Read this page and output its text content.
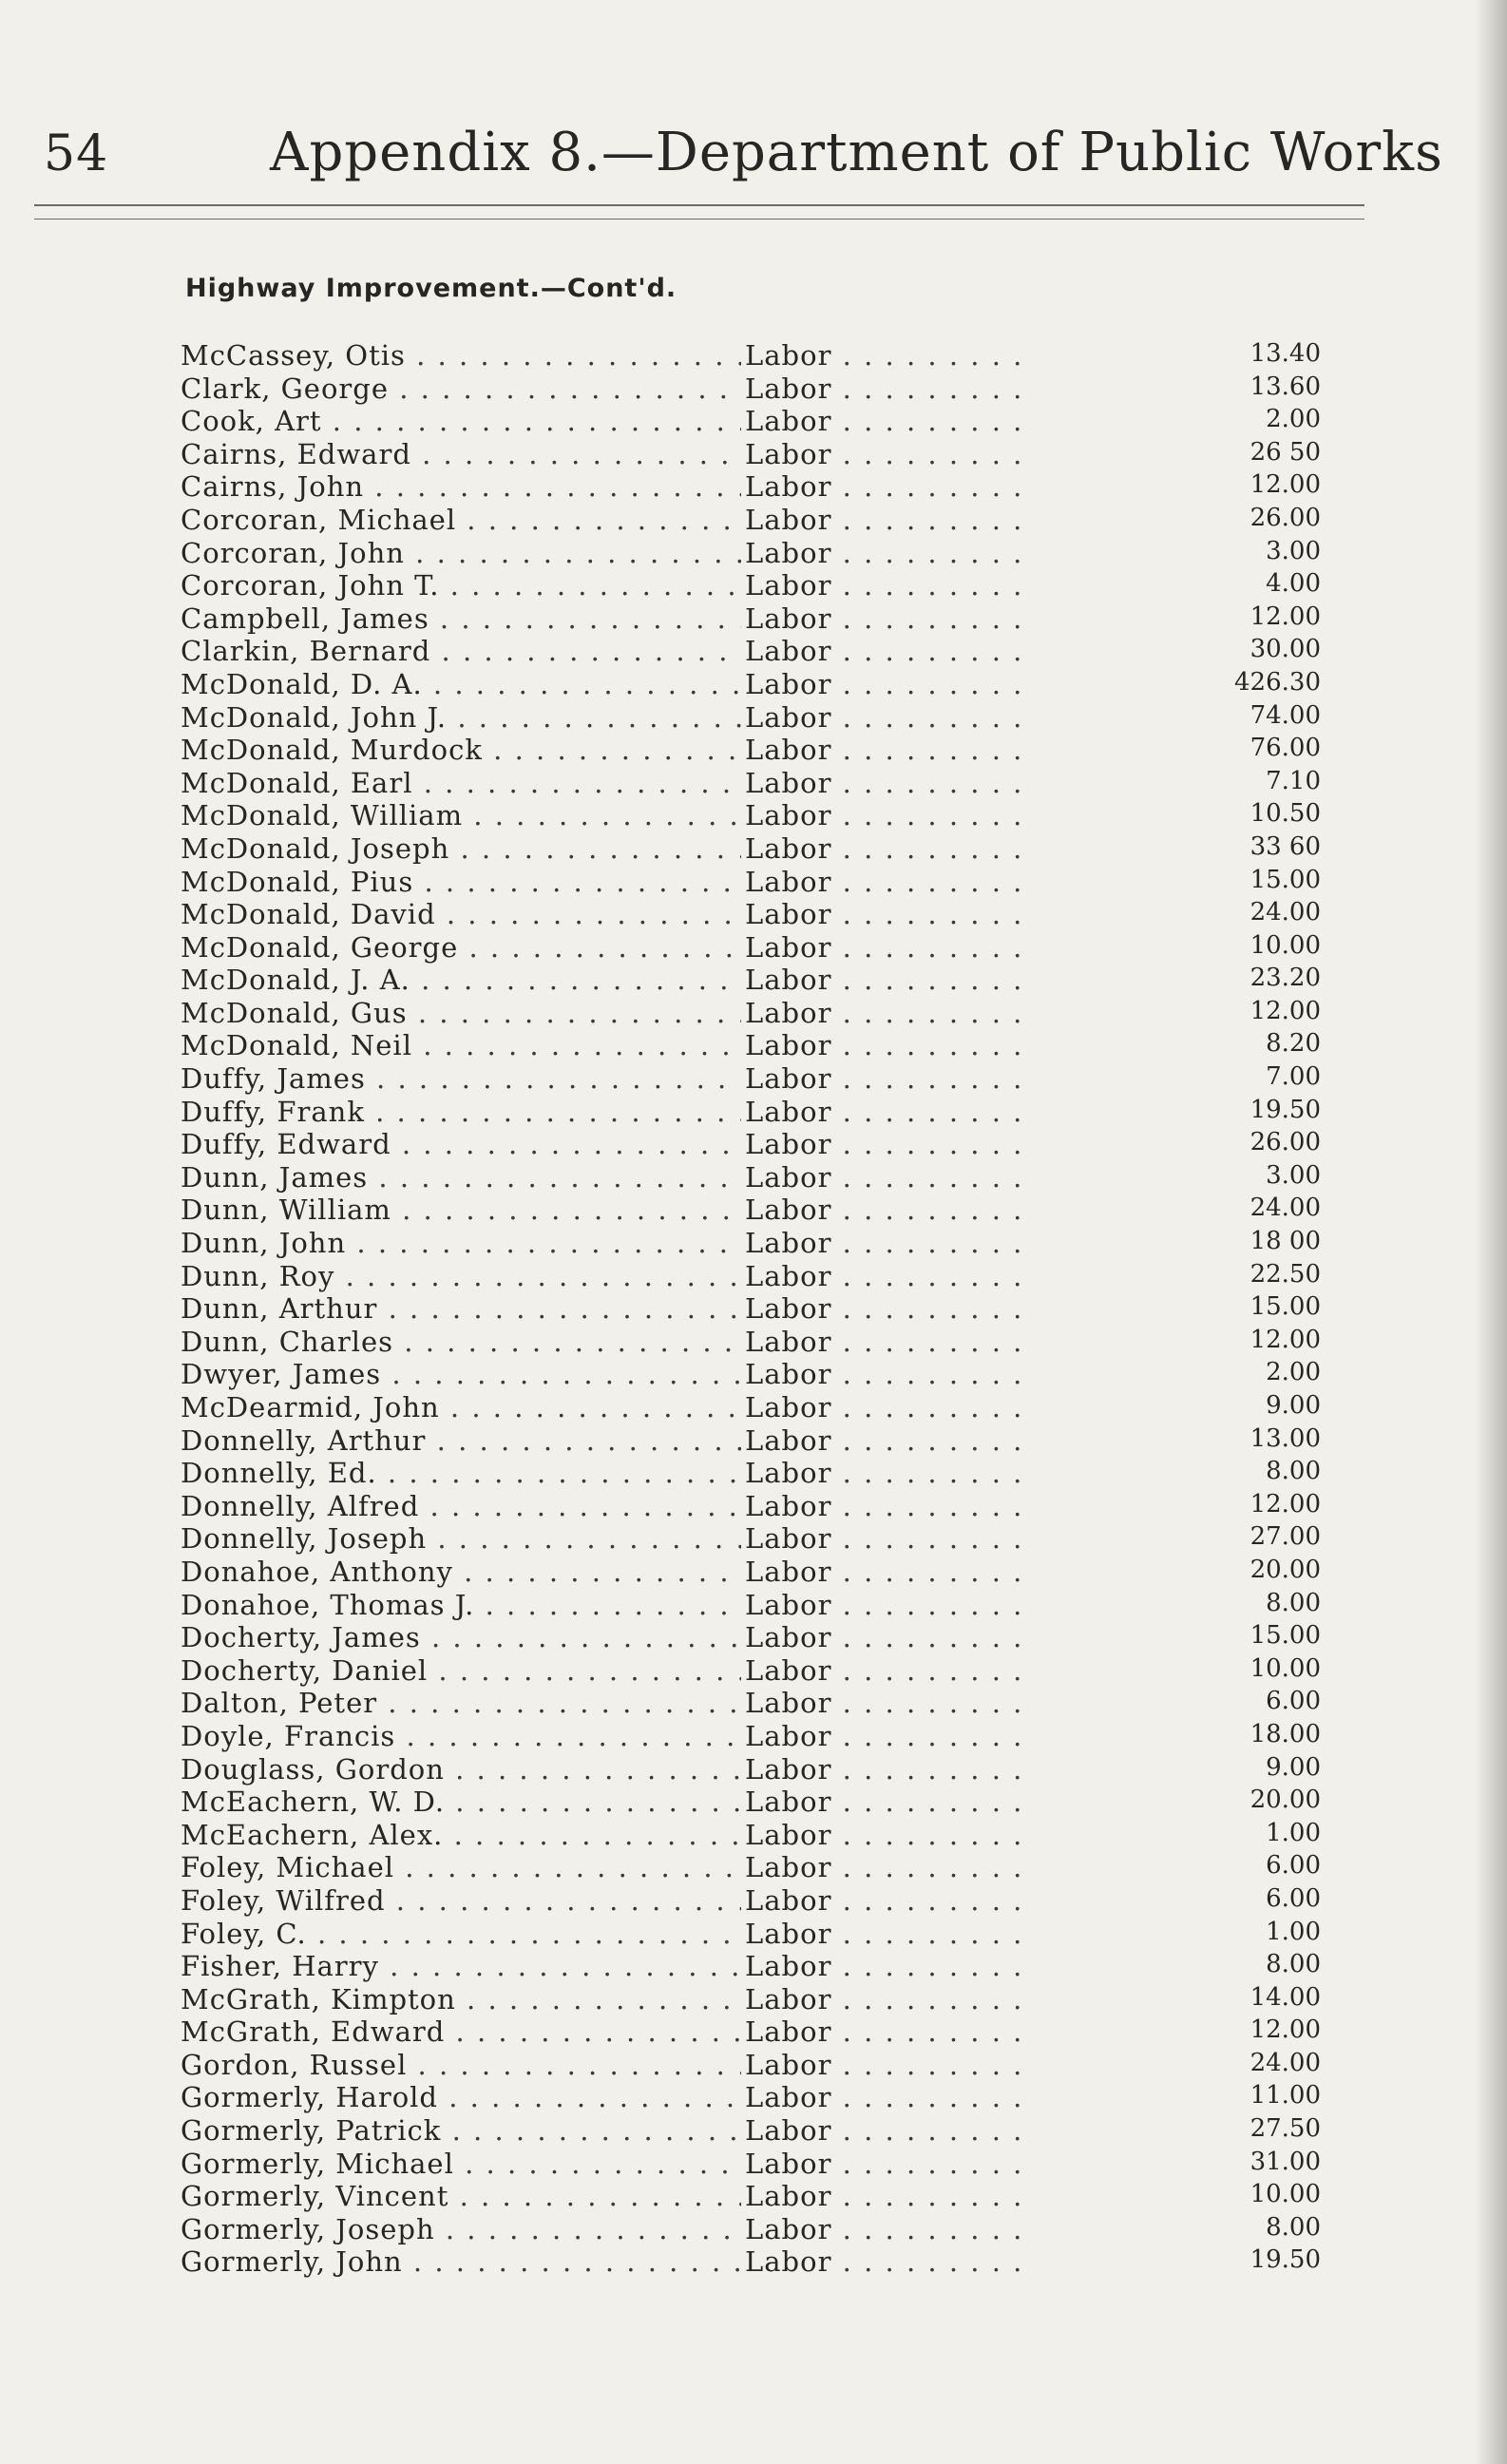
54	Appendix 8.—Department of Public Works
Highway Improvement.—Cont'd.
McCassey, Otis . . .	Labor . . .	13.40
Clark, George . . .	Labor . . .	13.60
Cook, Art . . .	Labor . . .	2.00
Cairns, Edward . . .	Labor . . .	26 50
Cairns, John . . .	Labor . . .	12.00
Corcoran, Michael . . .	Labor . . .	26.00
Corcoran, John . . .	Labor . . .	3.00
Corcoran, John T. . . .	Labor . . .	4.00
Campbell, James . . .	Labor . . .	12.00
Clarkin, Bernard . . .	Labor . . .	30.00
McDonald, D. A. . . .	Labor . . .	426.30
McDonald, John J. . . .	Labor . . .	74.00
McDonald, Murdock . . .	Labor . . .	76.00
McDonald, Earl . . .	Labor . . .	7.10
McDonald, William . . .	Labor . . .	10.50
McDonald, Joseph . . .	Labor . . .	33 60
McDonald, Pius . . .	Labor . . .	15.00
McDonald, David . . .	Labor . . .	24.00
McDonald, George . . .	Labor . . .	10.00
McDonald, J. A. . . .	Labor . . .	23.20
McDonald, Gus . . .	Labor . . .	12.00
McDonald, Neil . . .	Labor . . .	8.20
Duffy, James . . .	Labor . . .	7.00
Duffy, Frank . . .	Labor . . .	19.50
Duffy, Edward . . .	Labor . . .	26.00
Dunn, James . . .	Labor . . .	3.00
Dunn, William . . .	Labor . . .	24.00
Dunn, John . . .	Labor . . .	18 00
Dunn, Roy . . .	Labor . . .	22.50
Dunn, Arthur . . .	Labor . . .	15.00
Dunn, Charles . . .	Labor . . .	12.00
Dwyer, James . . .	Labor . . .	2.00
McDearmid, John . . .	Labor . . .	9.00
Donnelly, Arthur . . .	Labor . . .	13.00
Donnelly, Ed. . . .	Labor . . .	8.00
Donnelly, Alfred . . .	Labor . . .	12.00
Donnelly, Joseph . . .	Labor . . .	27.00
Donahoe, Anthony . . .	Labor . . .	20.00
Donahoe, Thomas J. . . .	Labor . . .	8.00
Docherty, James . . .	Labor . . .	15.00
Docherty, Daniel . . .	Labor . . .	10.00
Dalton, Peter . . .	Labor . . .	6.00
Doyle, Francis . . .	Labor . . .	18.00
Douglass, Gordon . . .	Labor . . .	9.00
McEachern, W. D. . . .	Labor . . .	20.00
McEachern, Alex. . . .	Labor . . .	1.00
Foley, Michael . . .	Labor . . .	6.00
Foley, Wilfred . . .	Labor . . .	6.00
Foley, C. . . .	Labor . . .	1.00
Fisher, Harry . . .	Labor . . .	8.00
McGrath, Kimpton . . .	Labor . . .	14.00
McGrath, Edward . . .	Labor . . .	12.00
Gordon, Russel . . .	Labor . . .	24.00
Gormerly, Harold . . .	Labor . . .	11.00
Gormerly, Patrick . . .	Labor . . .	27.50
Gormerly, Michael . . .	Labor . . .	31.00
Gormerly, Vincent . . .	Labor . . .	10.00
Gormerly, Joseph . . .	Labor . . .	8.00
Gormerly, John . . .	Labor . . .	19.50
